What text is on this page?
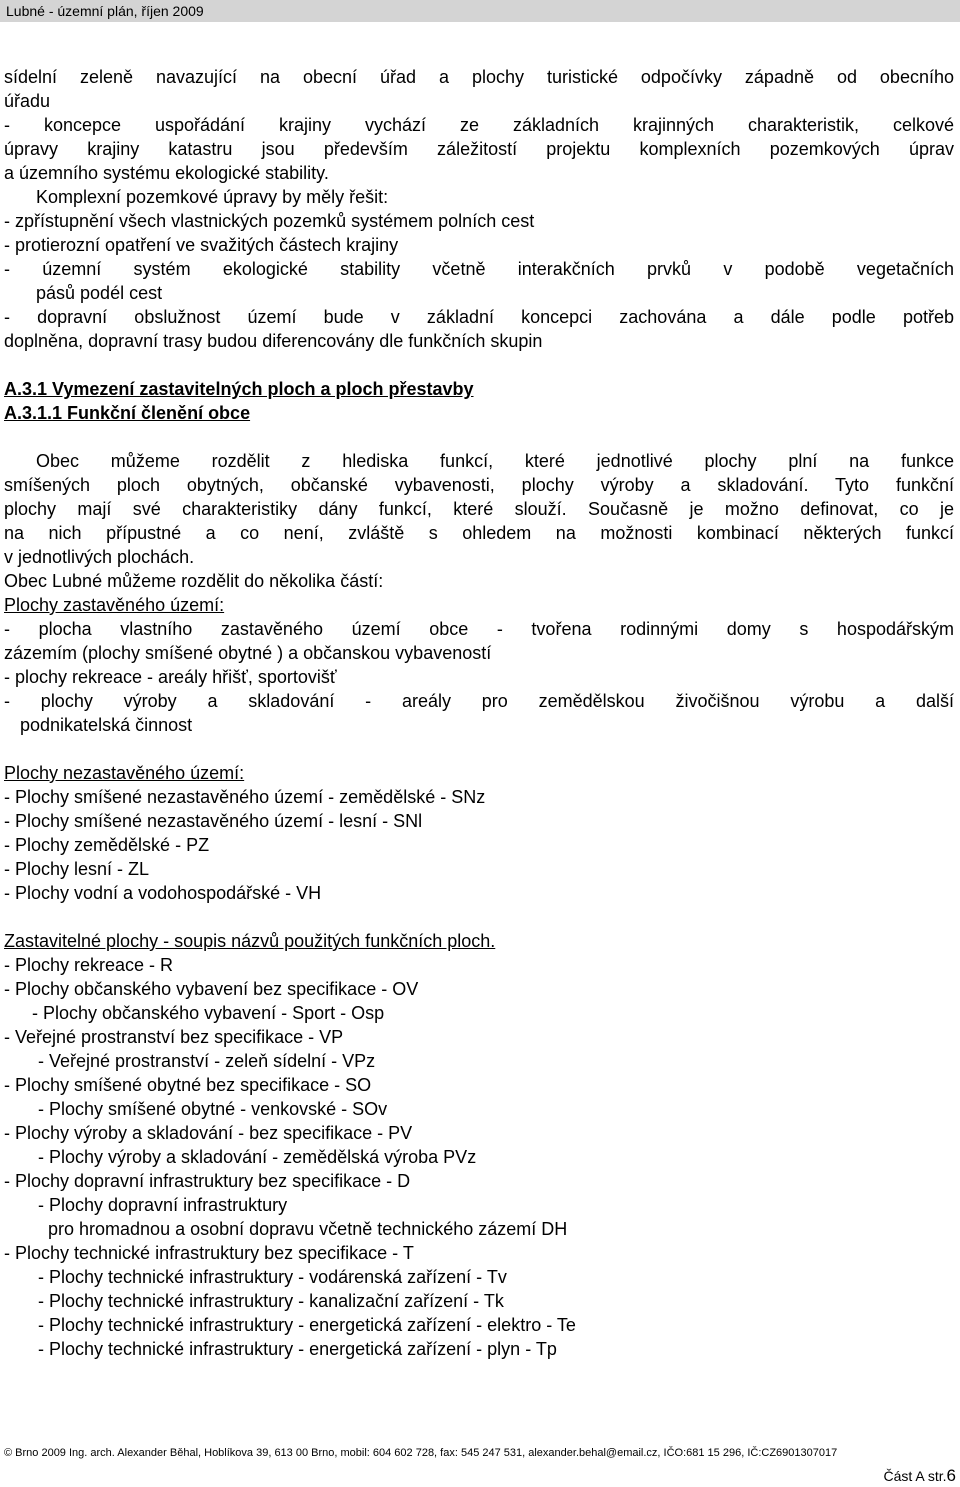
Lubné - územní plán, říjen 2009
sídelní zeleně navazující na obecní úřad a plochy turistické odpočívky západně od obecního
úřadu
- koncepce uspořádání krajiny vychází ze základních krajinných charakteristik, celkové
úpravy krajiny katastru jsou především záležitostí projektu komplexních pozemkových úprav
a územního systému ekologické stability.
Komplexní pozemkové úpravy by měly řešit:
- zpřístupnění všech vlastnických pozemků systémem polních cest
- protierozní opatření ve svažitých částech krajiny
- územní systém ekologické stability včetně interakčních prvků v podobě vegetačních
pásů podél cest
- dopravní obslužnost území bude v základní koncepci zachována a dále podle potřeb
doplněna, dopravní trasy budou diferencovány dle funkčních skupin
A.3.1 Vymezení zastavitelných ploch a ploch přestavby
A.3.1.1 Funkční členění obce
Obec můžeme rozdělit z hlediska funkcí, které jednotlivé plochy plní na funkce
smíšených ploch obytných, občanské vybavenosti, plochy výroby a skladování. Tyto funkční
plochy mají své charakteristiky dány funkcí, které slouží. Současně je možno definovat, co je
na nich přípustné a co není, zvláště s ohledem na možnosti kombinací některých funkcí
v jednotlivých plochách.
Obec Lubné můžeme rozdělit do několika částí:
Plochy zastavěného území:
- plocha vlastního zastavěného území obce - tvořena rodinnými domy s hospodářským
zázemím (plochy smíšené obytné ) a občanskou vybaveností
- plochy rekreace - areály hřišť, sportovišť
- plochy výroby a skladování - areály pro zemědělskou živočišnou výrobu a další
podnikatelská činnost
Plochy nezastavěného území:
- Plochy smíšené nezastavěného území - zemědělské - SNz
- Plochy smíšené nezastavěného území - lesní - SNl
- Plochy zemědělské - PZ
- Plochy lesní - ZL
- Plochy vodní a vodohospodářské - VH
Zastavitelné plochy - soupis názvů použitých funkčních ploch.
- Plochy rekreace - R
- Plochy občanského vybavení bez specifikace - OV
- Plochy občanského vybavení - Sport - Osp
- Veřejné prostranství bez specifikace - VP
- Veřejné prostranství - zeleň sídelní - VPz
- Plochy smíšené obytné bez specifikace - SO
- Plochy smíšené obytné - venkovské - SOv
- Plochy výroby a skladování - bez specifikace - PV
- Plochy výroby a skladování - zemědělská výroba PVz
- Plochy dopravní infrastruktury bez specifikace - D
- Plochy dopravní infrastruktury
pro hromadnou a osobní dopravu včetně technického zázemí DH
- Plochy technické infrastruktury bez specifikace - T
- Plochy technické infrastruktury - vodárenská zařízení - Tv
- Plochy technické infrastruktury - kanalizační zařízení - Tk
- Plochy technické infrastruktury - energetická zařízení - elektro - Te
- Plochy technické infrastruktury - energetická zařízení - plyn - Tp
© Brno 2009 Ing. arch. Alexander Běhal, Hoblíkova 39, 613 00 Brno, mobil: 604 602 728, fax: 545 247 531, alexander.behal@email.cz, IČO:681 15 296, IČ:CZ6901307017
Část A str.6
